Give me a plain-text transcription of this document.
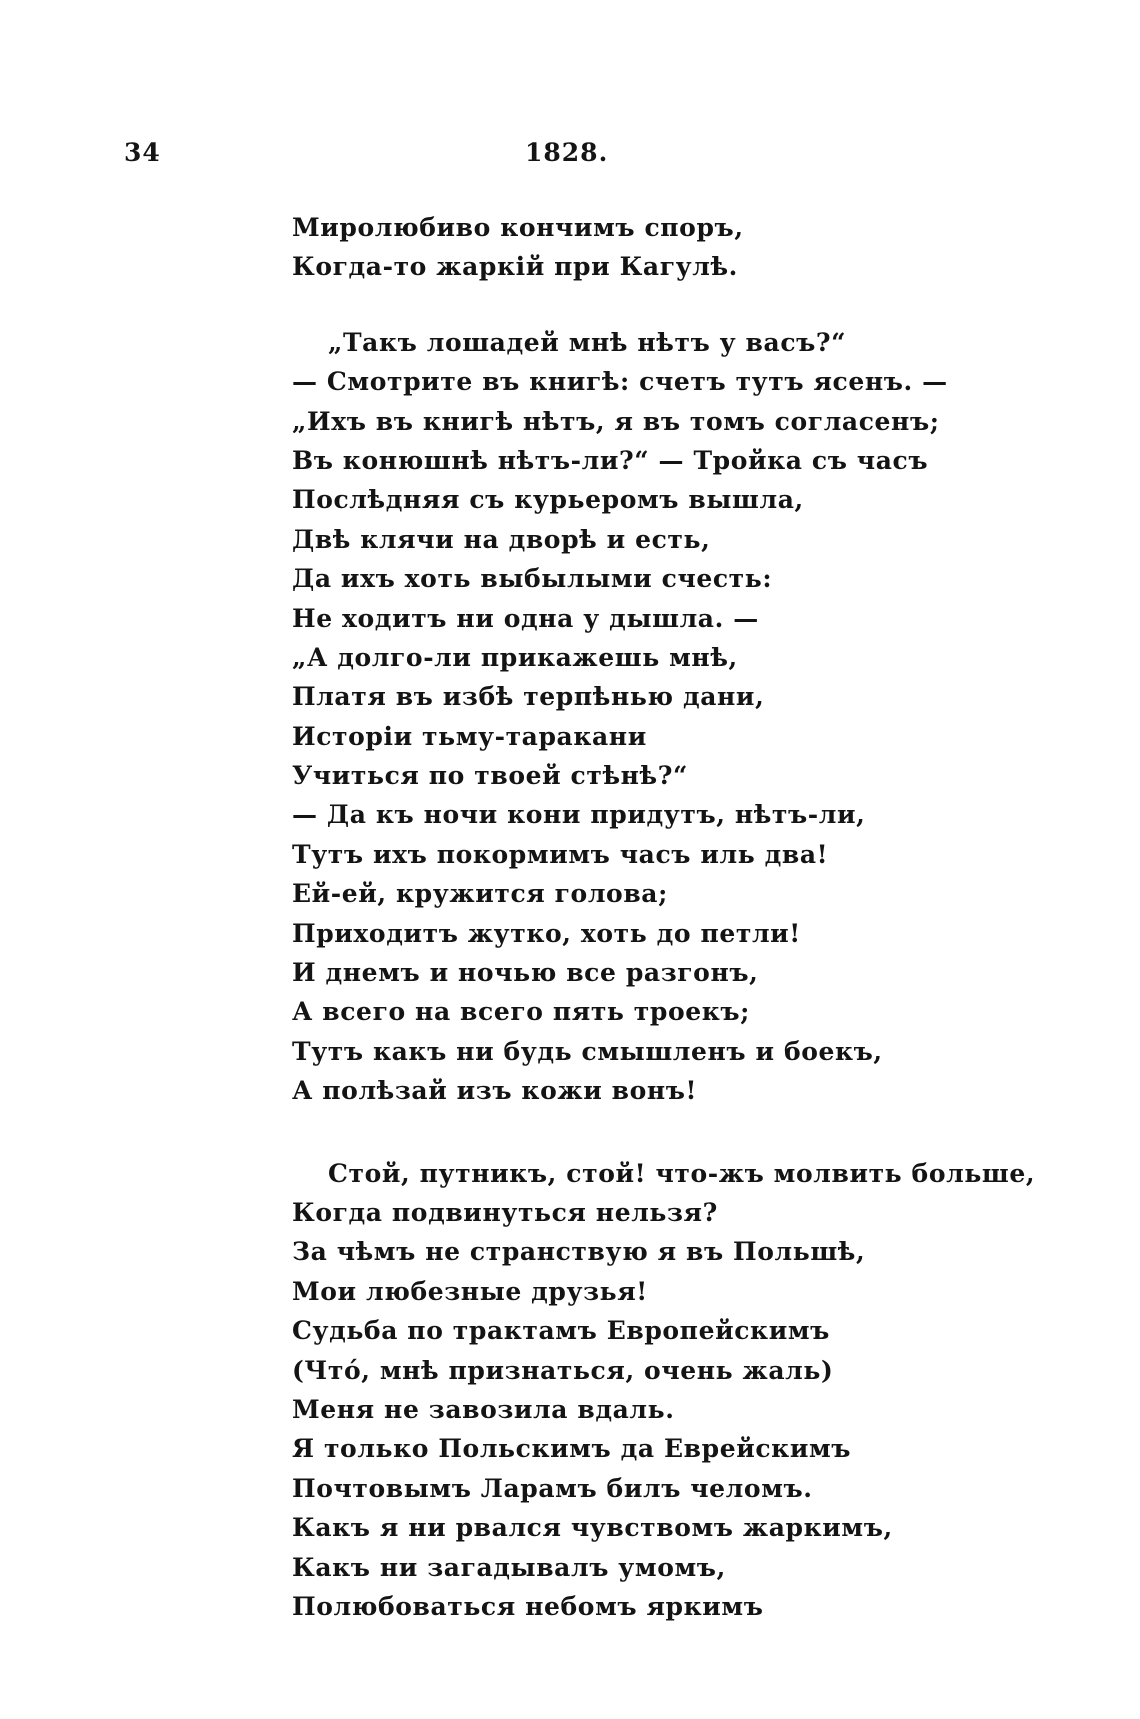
34	1828.
Миролюбиво кончимъ споръ,
Когда-то жаркій при Кагулѣ.
„Такъ лошадей мнѣ нѣтъ у васъ?“
— Смотрите въ книгѣ: счетъ тутъ ясенъ. —
„Ихъ въ книгѣ нѣтъ, я въ томъ согласенъ;
Въ конюшнѣ нѣтъ-ли?“ — Тройка съ часъ
Послѣдняя съ курьеромъ вышла,
Двѣ клячи на дворѣ и есть,
Да ихъ хоть выбылыми счесть:
Не ходитъ ни одна у дышла. —
„А долго-ли прикажешь мнѣ,
Платя въ избѣ терпѣнью дани,
Исторіи тьму-таракани
Учиться по твоей стѣнѣ?“
— Да къ ночи кони придутъ, нѣтъ-ли,
Тутъ ихъ покормимъ часъ иль два!
Ей-ей, кружится голова;
Приходитъ жутко, хоть до петли!
И днемъ и ночью все разгонъ,
А всего на всего пять троекъ;
Тутъ какъ ни будь смышленъ и боекъ,
А полѣзай изъ кожи вонъ!
Стой, путникъ, стой! что-жъ молвить больше,
Когда подвинуться нельзя?
За чѣмъ не странствую я въ Польшѣ,
Мои любезные друзья!
Судьба по трактамъ Европейскимъ
(Чтó, мнѣ признаться, очень жаль)
Меня не завозила вдаль.
Я только Польскимъ да Еврейскимъ
Почтовымъ Ларамъ билъ челомъ.
Какъ я ни рвался чувствомъ жаркимъ,
Какъ ни загадывалъ умомъ,
Полюбоваться небомъ яркимъ
